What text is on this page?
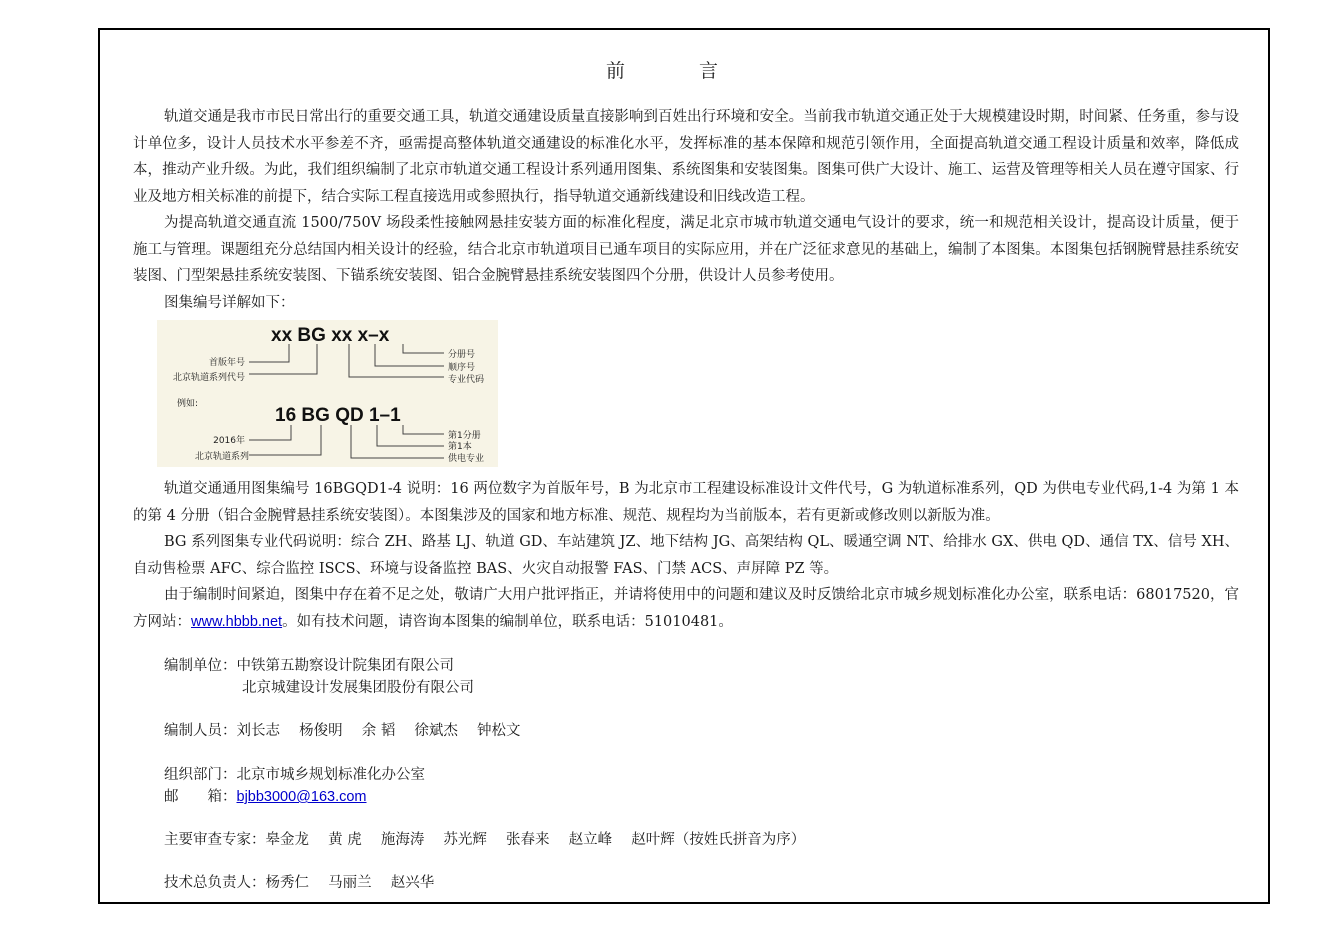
前 言

轨道交通是我市市民日常出行的重要交通工具，轨道交通建设质量直接影响到百姓出行环境和安全。当前我市轨道交通正处于大规模建设时期，时间紧、任务重，参与设计单位多，设计人员技术水平参差不齐，亟需提高整体轨道交通建设的标准化水平，发挥标准的基本保障和规范引领作用，全面提高轨道交通工程设计质量和效率，降低成本，推动产业升级。为此，我们组织编制了北京市轨道交通工程设计系列通用图集、系统图集和安装图集。图集可供广大设计、施工、运营及管理等相关人员在遵守国家、行业及地方相关标准的前提下，结合实际工程直接选用或参照执行，指导轨道交通新线建设和旧线改造工程。

为提高轨道交通直流 1500/750V 场段柔性接触网悬挂安装方面的标准化程度，满足北京市城市轨道交通电气设计的要求，统一和规范相关设计，提高设计质量，便于施工与管理。课题组充分总结国内相关设计的经验，结合北京市轨道项目已通车项目的实际应用，并在广泛征求意见的基础上，编制了本图集。本图集包括钢腕臂悬挂系统安装图、门型架悬挂系统安装图、下锚系统安装图、铝合金腕臂悬挂系统安装图四个分册，供设计人员参考使用。

图集编号详解如下：

xx BG xx x–x
首版年号
北京轨道系列代号
分册号
顺序号
专业代码
例如:
16 BG QD 1–1
2016年
北京轨道系列
第1分册
第1本
供电专业

轨道交通通用图集编号 16BGQD1-4 说明：16 两位数字为首版年号，B 为北京市工程建设标准设计文件代号，G 为轨道标准系列，QD 为供电专业代码,1-4 为第 1 本的第 4 分册（铝合金腕臂悬挂系统安装图）。本图集涉及的国家和地方标准、规范、规程均为当前版本，若有更新或修改则以新版为准。

BG 系列图集专业代码说明：综合 ZH、路基 LJ、轨道 GD、车站建筑 JZ、地下结构 JG、高架结构 QL、暖通空调 NT、给排水 GX、供电 QD、通信 TX、信号 XH、自动售检票 AFC、综合监控 ISCS、环境与设备监控 BAS、火灾自动报警 FAS、门禁 ACS、声屏障 PZ 等。

由于编制时间紧迫，图集中存在着不足之处，敬请广大用户批评指正，并请将使用中的问题和建议及时反馈给北京市城乡规划标准化办公室，联系电话：68017520，官方网站：www.hbbb.net。如有技术问题，请咨询本图集的编制单位，联系电话：51010481。

编制单位：中铁第五勘察设计院集团有限公司
北京城建设计发展集团股份有限公司
编制人员：刘长志　 杨俊明　 余 韬　 徐斌杰　 钟松文
组织部门：北京市城乡规划标准化办公室
邮　　箱：bjbb3000@163.com
主要审查专家：皋金龙　 黄 虎　 施海涛　 苏光辉　 张春来　 赵立峰　 赵叶辉（按姓氏拼音为序）
技术总负责人：杨秀仁　 马丽兰　 赵兴华
